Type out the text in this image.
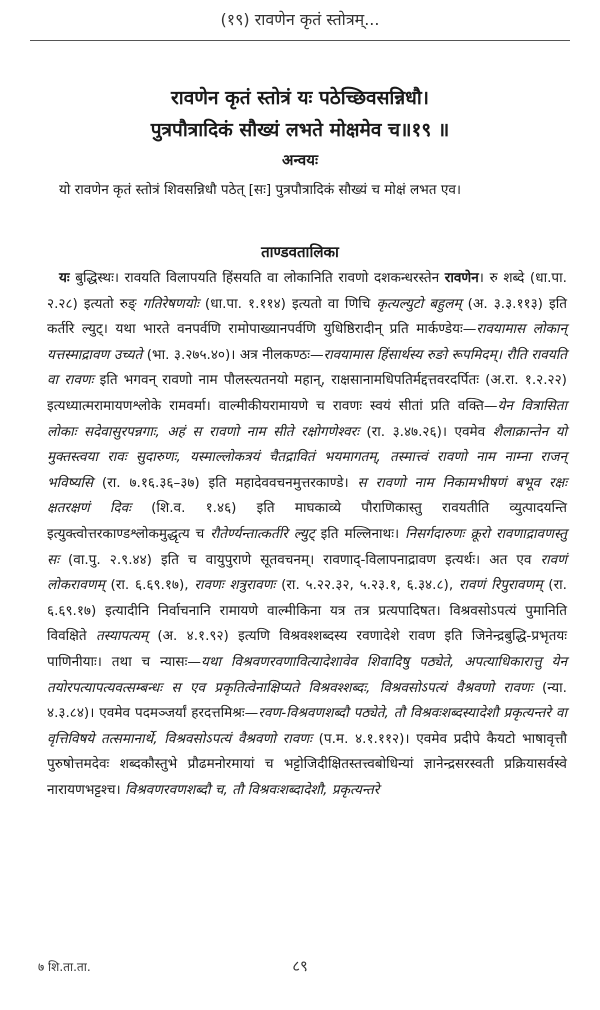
(१९) रावणेन कृतं स्तोत्रम्...
रावणेन कृतं स्तोत्रं यः पठेच्छिवसन्निधौ।
पुत्रपौत्रादिकं सौख्यं लभते मोक्षमेव च॥१९ ॥
अन्वयः
यो रावणेन कृतं स्तोत्रं शिवसन्निधौ पठेत् [सः] पुत्रपौत्रादिकं सौख्यं च मोक्षं लभत एव।
ताण्डवतालिका
यः बुद्धिस्थः। रावयति विलापयति हिंसयति वा लोकानिति रावणो दशकन्धरस्तेन रावणेन। रु शब्दे (धा.पा. २.२८) इत्यतो रुङ् गतिरेषणयोः (धा.पा. १.११४) इत्यतो वा णिचि कृत्यल्युटो बहुलम् (अ. ३.३.११३) इति कर्तरि ल्युट्। यथा भारते वनपर्वणि रामोपाख्यानपर्वणि युधिष्ठिरादीन् प्रति मार्कण्डेयः—रावयामास लोकान् यत्तस्माद्रावण उच्यते (भा. ३.२७५.४०)। अत्र नीलकण्ठः—रावयामास हिंसार्थस्य रुङो रूपमिदम्। रौति रावयति वा रावणः इति भगवन् रावणो नाम पौलस्त्यतनयो महान्, राक्षसानामधिपतिर्मद्दत्तवरदर्पितः (अ.रा. १.२.२२) इत्यध्यात्मरामायणश्लोके रामवर्मा। वाल्मीकीयरामायणे च रावणः स्वयं सीतां प्रति वक्ति—येन वित्रासिता लोकाः सदेवासुरपन्नगाः, अहं स रावणो नाम सीते रक्षोगणेश्वरः (रा. ३.४७.२६)। एवमेव शैलाक्रान्तेन यो मुक्तस्त्वया रावः सुदारुणः, यस्माल्लोकत्रयं चैतद्रावितं भयमागतम्, तस्मात्त्वं रावणो नाम नाम्ना राजन् भविष्यसि (रा. ७.१६.३६–३७) इति महादेववचनमुत्तरकाण्डे। स रावणो नाम निकामभीषणं बभूव रक्षः क्षतरक्षणं दिवः (शि.व. १.४६) इति माघकाव्ये पौराणिकास्तु रावयतीति व्युत्पादयन्ति इत्युक्त्वोत्तरकाण्डश्लोकमुद्धृत्य च रौतेर्ण्यन्तात्कर्तरि ल्युट् इति मल्लिनाथः। निसर्गदारुणः क्रूरो रावणाद्रावणस्तु सः (वा.पु. २.९.४४) इति च वायुपुराणे सूतवचनम्। रावणाद्-विलापनाद्रावण इत्यर्थः। अत एव रावणं लोकरावणम् (रा. ६.६९.१७), रावणः शत्रुरावणः (रा. ५.२२.३२, ५.२३.१, ६.३४.८), रावणं रिपुरावणम् (रा. ६.६९.१७) इत्यादीनि निर्वाचनानि रामायणे वाल्मीकिना यत्र तत्र प्रत्यपादिषत। विश्रवसोऽपत्यं पुमानिति विवक्षिते तस्यापत्यम् (अ. ४.१.९२) इत्यणि विश्रवश्शब्दस्य रवणादेशे रावण इति जिनेन्द्रबुद्धि-प्रभृतयः पाणिनीयाः। तथा च न्यासः—यथा विश्रवणरवणावित्यादेशावेव शिवादिषु पठ्येते, अपत्याधिकारात्तु येन तयोरपत्यापत्यवत्सम्बन्धः स एव प्रकृतित्वेनाक्षिप्यते विश्रवश्शब्दः, विश्रवसोऽपत्यं वैश्रवणो रावणः (न्या. ४.३.८४)। एवमेव पदमञ्जर्यां हरदत्तमिश्रः—रवण-विश्रवणशब्दौ पठ्येते, तौ विश्रवःशब्दस्यादेशौ प्रकृत्यन्तरे वा वृत्तिविषये तत्समानार्थे, विश्रवसोऽपत्यं वैश्रवणो रावणः (प.म. ४.१.११२)। एवमेव प्रदीपे कैयटो भाषावृत्तौ पुरुषोत्तमदेवः शब्दकौस्तुभे प्रौढमनोरमायां च भट्टोजिदीक्षितस्तत्त्वबोधिन्यां ज्ञानेन्द्रसरस्वती प्रक्रियासर्वस्वे नारायणभट्टश्च। विश्रवणरवणशब्दौ च, तौ विश्रवःशब्दादेशौ, प्रकृत्यन्तरे
७ शि.ता.ता.	८९
